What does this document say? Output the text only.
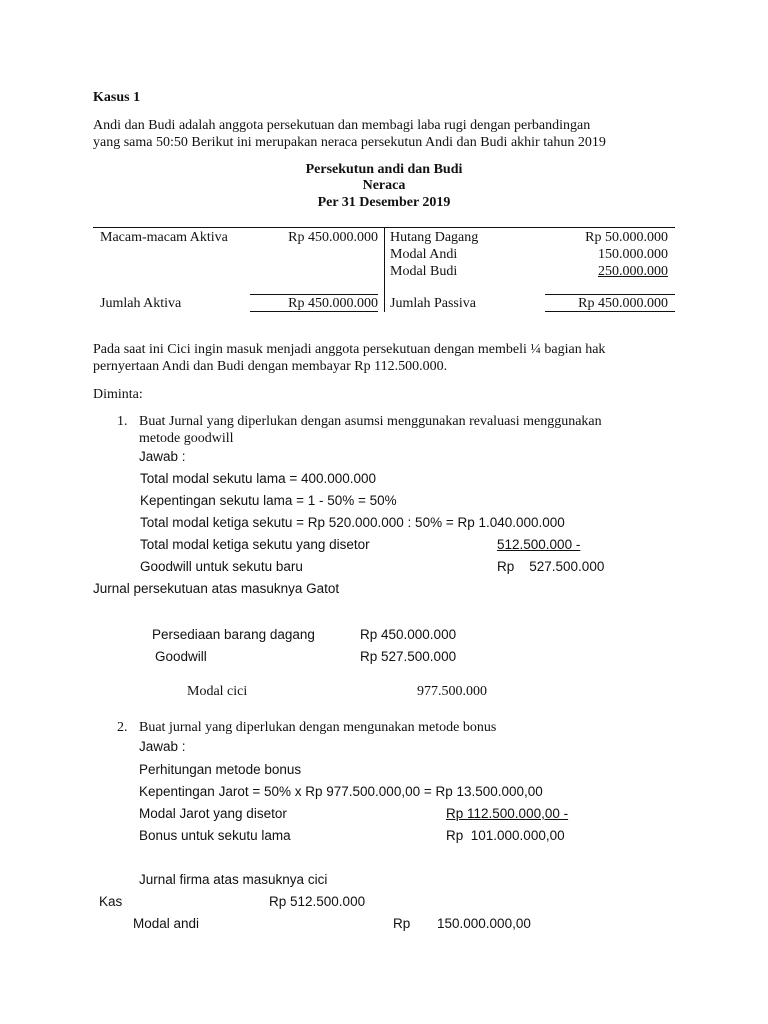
Kasus 1
Andi dan Budi adalah anggota persekutuan dan membagi laba rugi dengan perbandingan
yang sama 50:50 Berikut ini merupakan neraca persekutun Andi dan Budi akhir tahun 2019
Persekutun andi dan Budi
Neraca
Per 31 Desember 2019
Macam-macam Aktiva	Rp 450.000.000 Hutang Dagang	Rp 50.000.000
Modal Andi	150.000.000
Modal Budi	250.000.000
Jumlah Aktiva	Rp 450.000.000 Jumlah Passiva	Rp 450.000.000
Pada saat ini Cici ingin masuk menjadi anggota persekutuan dengan membeli ¼ bagian hak
pernyertaan Andi dan Budi dengan membayar Rp 112.500.000.
Diminta:
1. Buat Jurnal yang diperlukan dengan asumsi menggunakan revaluasi menggunakan
metode goodwill
Jawab :
Total modal sekutu lama = 400.000.000
Kepentingan sekutu lama = 1 - 50% = 50%
Total modal ketiga sekutu = Rp 520.000.000 : 50% = Rp 1.040.000.000
Total modal ketiga sekutu yang disetor	512.500.000 -
Goodwill untuk sekutu baru	Rp    527.500.000
Jurnal persekutuan atas masuknya Gatot
Persediaan barang dagang	Rp 450.000.000
Goodwill	Rp 527.500.000
Modal cici	977.500.000
2. Buat jurnal yang diperlukan dengan mengunakan metode bonus
Jawab :
Perhitungan metode bonus
Kepentingan Jarot = 50% x Rp 977.500.000,00 = Rp 13.500.000,00
Modal Jarot yang disetor	Rp 112.500.000,00 -
Bonus untuk sekutu lama	Rp  101.000.000,00
Jurnal firma atas masuknya cici
Kas	Rp 512.500.000
Modal andi	Rp 150.000.000,00
